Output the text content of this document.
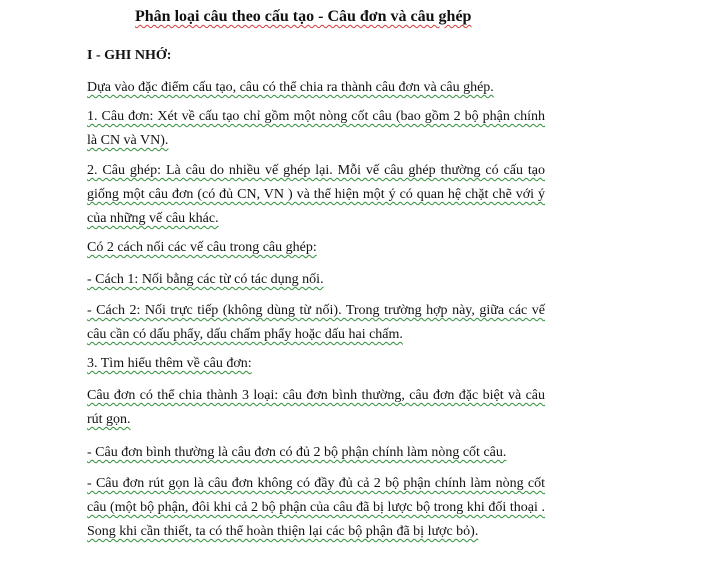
Phân loại câu theo cấu tạo - Câu đơn và câu ghép
I - GHI NHỚ:
Dựa vào đặc điểm cấu tạo, câu có thể chia ra thành câu đơn và câu ghép.
1. Câu đơn: Xét về cấu tạo chỉ gồm một nòng cốt câu (bao gồm 2 bộ phận chính là CN và VN).
2. Câu ghép: Là câu do nhiều vế ghép lại. Mỗi vế câu ghép thường có cấu tạo giống một câu đơn (có đủ CN, VN ) và thể hiện một ý có quan hệ chặt chẽ với ý của những vế câu khác.
Có 2 cách nối các vế câu trong câu ghép:
- Cách 1: Nối bằng các từ có tác dụng nối.
- Cách 2: Nối trực tiếp (không dùng từ nối). Trong trường hợp này, giữa các vế câu cần có dấu phẩy, dấu chấm phẩy hoặc dấu hai chấm.
3. Tìm hiểu thêm về câu đơn:
Câu đơn có thể chia thành 3 loại: câu đơn bình thường, câu đơn đặc biệt và câu rút gọn.
- Câu đơn bình thường là câu đơn có đủ 2 bộ phận chính làm nòng cốt câu.
- Câu đơn rút gọn là câu đơn không có đầy đủ cả 2 bộ phận chính làm nòng cốt câu (một bộ phận, đôi khi cả 2 bộ phận của câu đã bị lược bộ trong khi đối thoại . Song khi cần thiết, ta có thể hoàn thiện lại các bộ phận đã bị lược bỏ).
